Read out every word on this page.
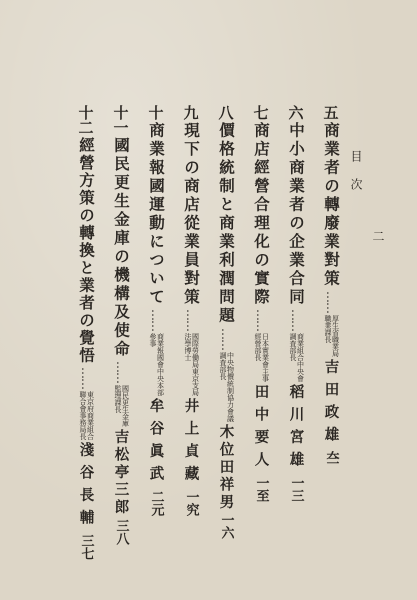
目次
二
五
商業者の轉廢業對策
……
厚生省職業局
職業課長
吉田政雄
夳
六
中小商業者の企業合同
……
商業組合中央會
調査部長
稻川宮雄
一三
七
商店經營合理化の實際
……
日本實業會主事
經營部長
田中要人
一至
八
價格統制と商業利潤問題
……
中央物價統制協力會議
調査部長
木位田祥男
一六
九
現下の商店從業員對策
……
國際勞働局東京支局
法學博士
井上貞藏
一究
十
商業報國運動について
……
商業報國會中央本部
參事
牟谷眞武
二元
十一
國民更生金庫の機構及使命
……
國民更生金庫
監理課長
吉松亭三郎
三八
十二
經營方策の轉換と業者の覺悟
……
東京府商業組合
聯合會事務局長
淺谷長輔
三七
